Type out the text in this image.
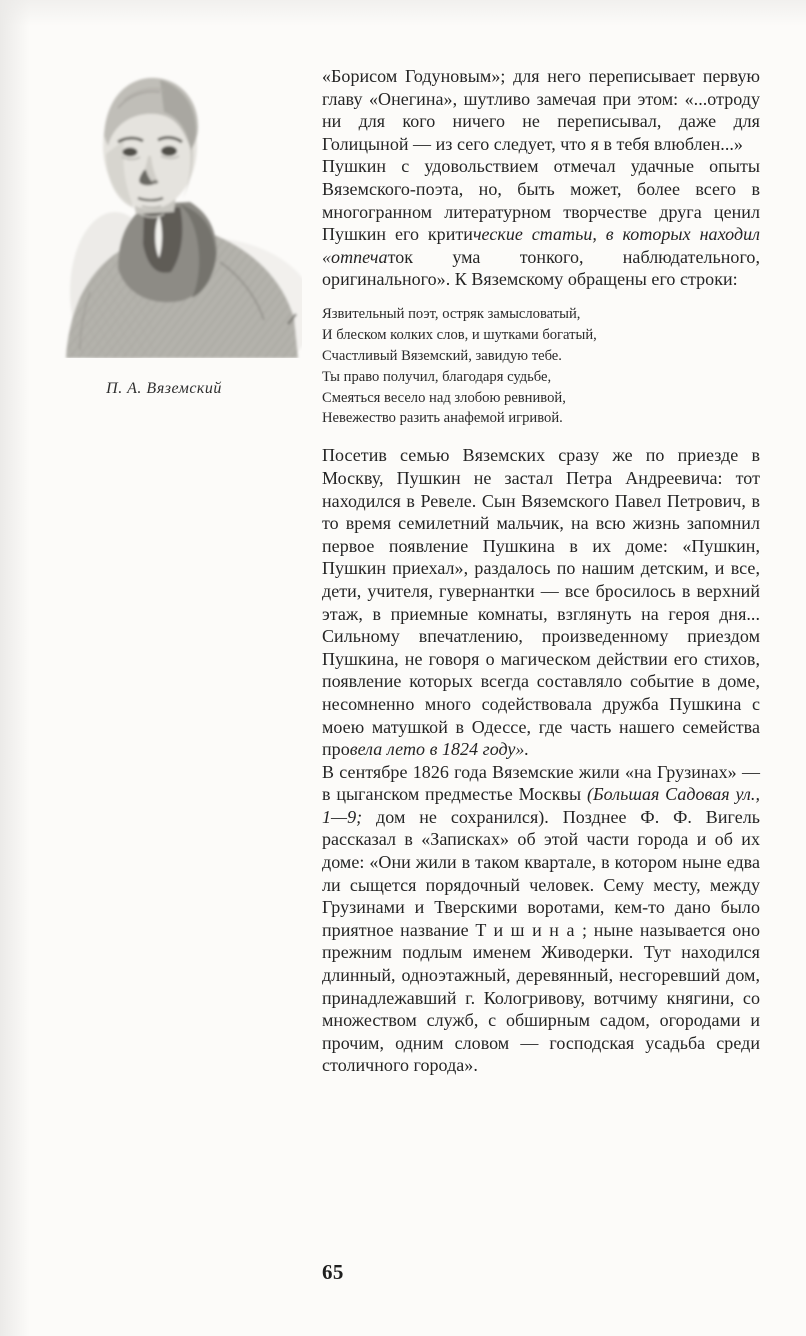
П. А. Вяземский
«Борисом Годуновым»; для него переписывает первую главу «Онегина», шутливо замечая при этом: «...отроду ни для кого ничего не переписывал, даже для Голицыной — из сего следует, что я в тебя влюблен...»
Пушкин с удовольствием отмечал удачные опыты Вяземского-поэта, но, быть может, более всего в многогранном литературном творчестве друга ценил Пушкин его критические статьи, в которых находил «отпечаток ума тонкого, наблюдательного, оригинального». К Вяземскому обращены его строки:
Язвительный поэт, остряк замысловатый,
И блеском колких слов, и шутками богатый,
Счастливый Вяземский, завидую тебе.
Ты право получил, благодаря судьбе,
Смеяться весело над злобою ревнивой,
Невежество разить анафемой игривой.
Посетив семью Вяземских сразу же по приезде в Москву, Пушкин не застал Петра Андреевича: тот находился в Ревеле. Сын Вяземского Павел Петрович, в то время семилетний мальчик, на всю жизнь запомнил первое появление Пушкина в их доме: «Пушкин, Пушкин приехал», раздалось по нашим детским, и все, дети, учителя, гувернантки — все бросилось в верхний этаж, в приемные комнаты, взглянуть на героя дня... Сильному впечатлению, произведенному приездом Пушкина, не говоря о магическом действии его стихов, появление которых всегда составляло событие в доме, несомненно много содействовала дружба Пушкина с моею матушкой в Одессе, где часть нашего семейства провела лето в 1824 году».
В сентябре 1826 года Вяземские жили «на Грузинах» — в цыганском предместье Москвы (Большая Садовая ул., 1—9; дом не сохранился). Позднее Ф. Ф. Вигель рассказал в «Записках» об этой части города и об их доме: «Они жили в таком квартале, в котором ныне едва ли сыщется порядочный человек. Сему месту, между Грузинами и Тверскими воротами, кем-то дано было приятное название Тишина; ныне называется оно прежним подлым именем Живодерки. Тут находился длинный, одноэтажный, деревянный, несгоревший дом, принадлежавший г. Кологривову, вотчиму княгини, со множеством служб, с обширным садом, огородами и прочим, одним словом — господская усадьба среди столичного города».
65
